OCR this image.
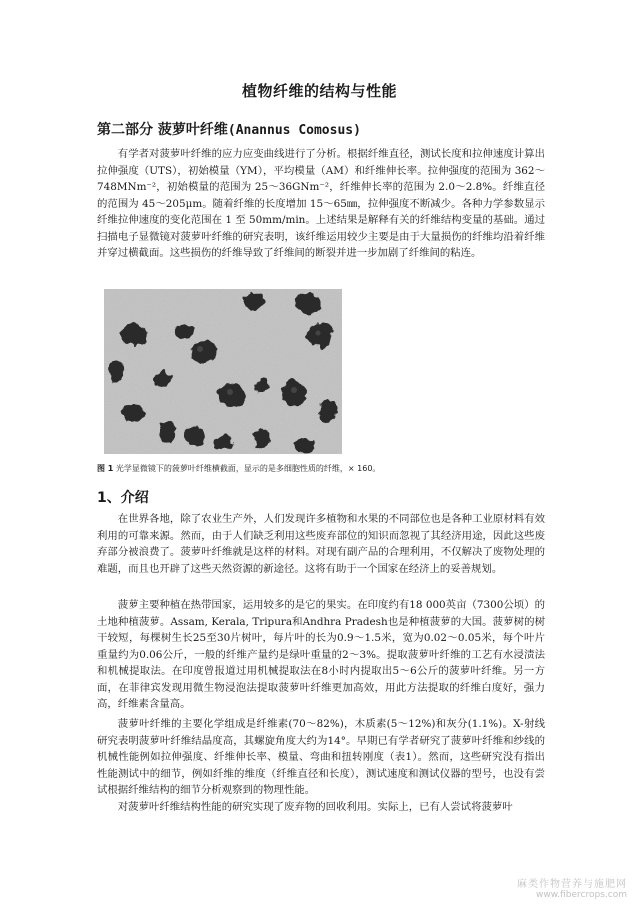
植物纤维的结构与性能
第二部分 菠萝叶纤维(Anannus Comosus)

有学者对菠萝叶纤维的应力应变曲线进行了分析。根据纤维直径，测试长度和拉伸速度计算出拉伸强度（UTS），初始模量（YM），平均模量（AM）和纤维伸长率。拉伸强度的范围为 362～748MNm⁻²，初始模量的范围为 25～36GNm⁻²，纤维伸长率的范围为 2.0～2.8%。纤维直径的范围为 45～205μm。随着纤维的长度增加 15～65㎜，拉伸强度不断减少。各种力学参数显示纤维拉伸速度的变化范围在 1 至 50mm/min。上述结果是解释有关的纤维结构变量的基础。通过扫描电子显微镜对菠萝叶纤维的研究表明，该纤维运用较少主要是由于大量损伤的纤维均沿着纤维并穿过横截面。这些损伤的纤维导致了纤维间的断裂并进一步加剧了纤维间的粘连。

图 1 光学显微镜下的菠萝叶纤维横截面，显示的是多细胞性质的纤维，× 160。
1、介绍

在世界各地，除了农业生产外，人们发现许多植物和水果的不同部位也是各种工业原材料有效利用的可靠来源。然而，由于人们缺乏利用这些废弃部位的知识而忽视了其经济用途，因此这些废弃部分被浪费了。菠萝叶纤维就是这样的材料。对现有副产品的合理利用，不仅解决了废物处理的难题，而且也开辟了这些天然资源的新途径。这将有助于一个国家在经济上的妥善规划。

菠萝主要种植在热带国家，运用较多的是它的果实。在印度约有18 000英亩（7300公顷）的土地种植菠萝。Assam, Kerala, Tripura和Andhra Pradesh也是种植菠萝的大国。菠萝树的树干较短，每棵树生长25至30片树叶，每片叶的长为0.9～1.5米，宽为0.02～0.05米，每个叶片重量约为0.06公斤，一般的纤维产量约是绿叶重量的2～3%。提取菠萝叶纤维的工艺有水浸渍法和机械提取法。在印度曾报道过用机械提取法在8小时内提取出5～6公斤的菠萝叶纤维。另一方面，在菲律宾发现用微生物浸泡法提取菠萝叶纤维更加高效，用此方法提取的纤维白度好，强力高，纤维素含量高。

菠萝叶纤维的主要化学组成是纤维素(70～82%)，木质素(5～12%)和灰分(1.1%)。X-射线研究表明菠萝叶纤维结晶度高，其螺旋角度大约为14°。早期已有学者研究了菠萝叶纤维和纱线的机械性能例如拉伸强度、纤维伸长率、模量、弯曲和扭转刚度（表1）。然而，这些研究没有指出性能测试中的细节，例如纤维的维度（纤维直径和长度），测试速度和测试仪器的型号，也没有尝试根据纤维结构的细节分析观察到的物理性能。

对菠萝叶纤维结构性能的研究实现了废弃物的回收利用。实际上，已有人尝试将菠萝叶

麻类作物营养与施肥网
www.fibercrops.com
